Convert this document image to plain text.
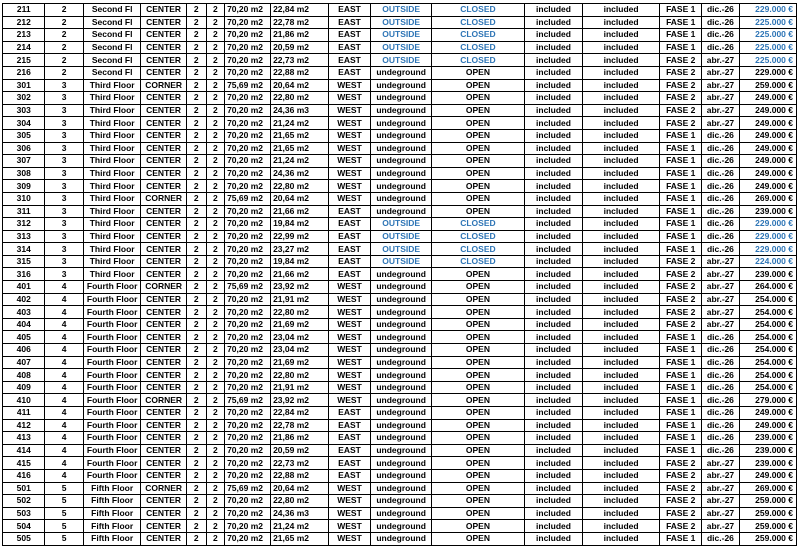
211	2	Second Fl	CENTER	2	2	70,20 m2	22,84 m2	EAST	OUTSIDE	CLOSED	included	included	FASE 1	dic.-26	229.000 €
212	2	Second Fl	CENTER	2	2	70,20 m2	22,78 m2	EAST	OUTSIDE	CLOSED	included	included	FASE 1	dic.-26	225.000 €
213	2	Second Fl	CENTER	2	2	70,20 m2	21,86 m2	EAST	OUTSIDE	CLOSED	included	included	FASE 1	dic.-26	225.000 €
214	2	Second Fl	CENTER	2	2	70,20 m2	20,59 m2	EAST	OUTSIDE	CLOSED	included	included	FASE 1	dic.-26	225.000 €
215	2	Second Fl	CENTER	2	2	70,20 m2	22,73 m2	EAST	OUTSIDE	CLOSED	included	included	FASE 2	abr.-27	225.000 €
216	2	Second Fl	CENTER	2	2	70,20 m2	22,88 m2	EAST	undeground	OPEN	included	included	FASE 2	abr.-27	229.000 €
301	3	Third Floor	CORNER	2	2	75,69 m2	20,64 m2	WEST	undeground	OPEN	included	included	FASE 2	abr.-27	259.000 €
302	3	Third Floor	CENTER	2	2	70,20 m2	22,80 m2	WEST	undeground	OPEN	included	included	FASE 2	abr.-27	249.000 €
303	3	Third Floor	CENTER	2	2	70,20 m2	24,36 m3	WEST	undeground	OPEN	included	included	FASE 2	abr.-27	249.000 €
304	3	Third Floor	CENTER	2	2	70,20 m2	21,24 m2	WEST	undeground	OPEN	included	included	FASE 2	abr.-27	249.000 €
305	3	Third Floor	CENTER	2	2	70,20 m2	21,65 m2	WEST	undeground	OPEN	included	included	FASE 1	dic.-26	249.000 €
306	3	Third Floor	CENTER	2	2	70,20 m2	21,65 m2	WEST	undeground	OPEN	included	included	FASE 1	dic.-26	249.000 €
307	3	Third Floor	CENTER	2	2	70,20 m2	21,24 m2	WEST	undeground	OPEN	included	included	FASE 1	dic.-26	249.000 €
308	3	Third Floor	CENTER	2	2	70,20 m2	24,36 m2	WEST	undeground	OPEN	included	included	FASE 1	dic.-26	249.000 €
309	3	Third Floor	CENTER	2	2	70,20 m2	22,80 m2	WEST	undeground	OPEN	included	included	FASE 1	dic.-26	249.000 €
310	3	Third Floor	CORNER	2	2	75,69 m2	20,64 m2	WEST	undeground	OPEN	included	included	FASE 1	dic.-26	269.000 €
311	3	Third Floor	CENTER	2	2	70,20 m2	21,66 m2	EAST	undeground	OPEN	included	included	FASE 1	dic.-26	239.000 €
312	3	Third Floor	CENTER	2	2	70,20 m2	19,84 m2	EAST	OUTSIDE	CLOSED	included	included	FASE 1	dic.-26	229.000 €
313	3	Third Floor	CENTER	2	2	70,20 m2	22,99 m2	EAST	OUTSIDE	CLOSED	included	included	FASE 1	dic.-26	229.000 €
314	3	Third Floor	CENTER	2	2	70,20 m2	23,27 m2	EAST	OUTSIDE	CLOSED	included	included	FASE 1	dic.-26	229.000 €
315	3	Third Floor	CENTER	2	2	70,20 m2	19,84 m2	EAST	OUTSIDE	CLOSED	included	included	FASE 2	abr.-27	224.000 €
316	3	Third Floor	CENTER	2	2	70,20 m2	21,66 m2	EAST	undeground	OPEN	included	included	FASE 2	abr.-27	239.000 €
401	4	Fourth Floor	CORNER	2	2	75,69 m2	23,92 m2	WEST	undeground	OPEN	included	included	FASE 2	abr.-27	264.000 €
402	4	Fourth Floor	CENTER	2	2	70,20 m2	21,91 m2	WEST	undeground	OPEN	included	included	FASE 2	abr.-27	254.000 €
403	4	Fourth Floor	CENTER	2	2	70,20 m2	22,80 m2	WEST	undeground	OPEN	included	included	FASE 2	abr.-27	254.000 €
404	4	Fourth Floor	CENTER	2	2	70,20 m2	21,69 m2	WEST	undeground	OPEN	included	included	FASE 2	abr.-27	254.000 €
405	4	Fourth Floor	CENTER	2	2	70,20 m2	23,04 m2	WEST	undeground	OPEN	included	included	FASE 1	dic.-26	254.000 €
406	4	Fourth Floor	CENTER	2	2	70,20 m2	23,04 m2	WEST	undeground	OPEN	included	included	FASE 1	dic.-26	254.000 €
407	4	Fourth Floor	CENTER	2	2	70,20 m2	21,69 m2	WEST	undeground	OPEN	included	included	FASE 1	dic.-26	254.000 €
408	4	Fourth Floor	CENTER	2	2	70,20 m2	22,80 m2	WEST	undeground	OPEN	included	included	FASE 1	dic.-26	254.000 €
409	4	Fourth Floor	CENTER	2	2	70,20 m2	21,91 m2	WEST	undeground	OPEN	included	included	FASE 1	dic.-26	254.000 €
410	4	Fourth Floor	CORNER	2	2	75,69 m2	23,92 m2	WEST	undeground	OPEN	included	included	FASE 1	dic.-26	279.000 €
411	4	Fourth Floor	CENTER	2	2	70,20 m2	22,84 m2	EAST	undeground	OPEN	included	included	FASE 1	dic.-26	249.000 €
412	4	Fourth Floor	CENTER	2	2	70,20 m2	22,78 m2	EAST	undeground	OPEN	included	included	FASE 1	dic.-26	249.000 €
413	4	Fourth Floor	CENTER	2	2	70,20 m2	21,86 m2	EAST	undeground	OPEN	included	included	FASE 1	dic.-26	239.000 €
414	4	Fourth Floor	CENTER	2	2	70,20 m2	20,59 m2	EAST	undeground	OPEN	included	included	FASE 1	dic.-26	239.000 €
415	4	Fourth Floor	CENTER	2	2	70,20 m2	22,73 m2	EAST	undeground	OPEN	included	included	FASE 2	abr.-27	239.000 €
416	4	Fourth Floor	CENTER	2	2	70,20 m2	22,88 m2	EAST	undeground	OPEN	included	included	FASE 2	abr.-27	249.000 €
501	5	Fifth Floor	CORNER	2	2	75,69 m2	20,64 m2	WEST	undeground	OPEN	included	included	FASE 2	abr.-27	269.000 €
502	5	Fifth Floor	CENTER	2	2	70,20 m2	22,80 m2	WEST	undeground	OPEN	included	included	FASE 2	abr.-27	259.000 €
503	5	Fifth Floor	CENTER	2	2	70,20 m2	24,36 m3	WEST	undeground	OPEN	included	included	FASE 2	abr.-27	259.000 €
504	5	Fifth Floor	CENTER	2	2	70,20 m2	21,24 m2	WEST	undeground	OPEN	included	included	FASE 2	abr.-27	259.000 €
505	5	Fifth Floor	CENTER	2	2	70,20 m2	21,65 m2	WEST	undeground	OPEN	included	included	FASE 1	dic.-26	259.000 €
